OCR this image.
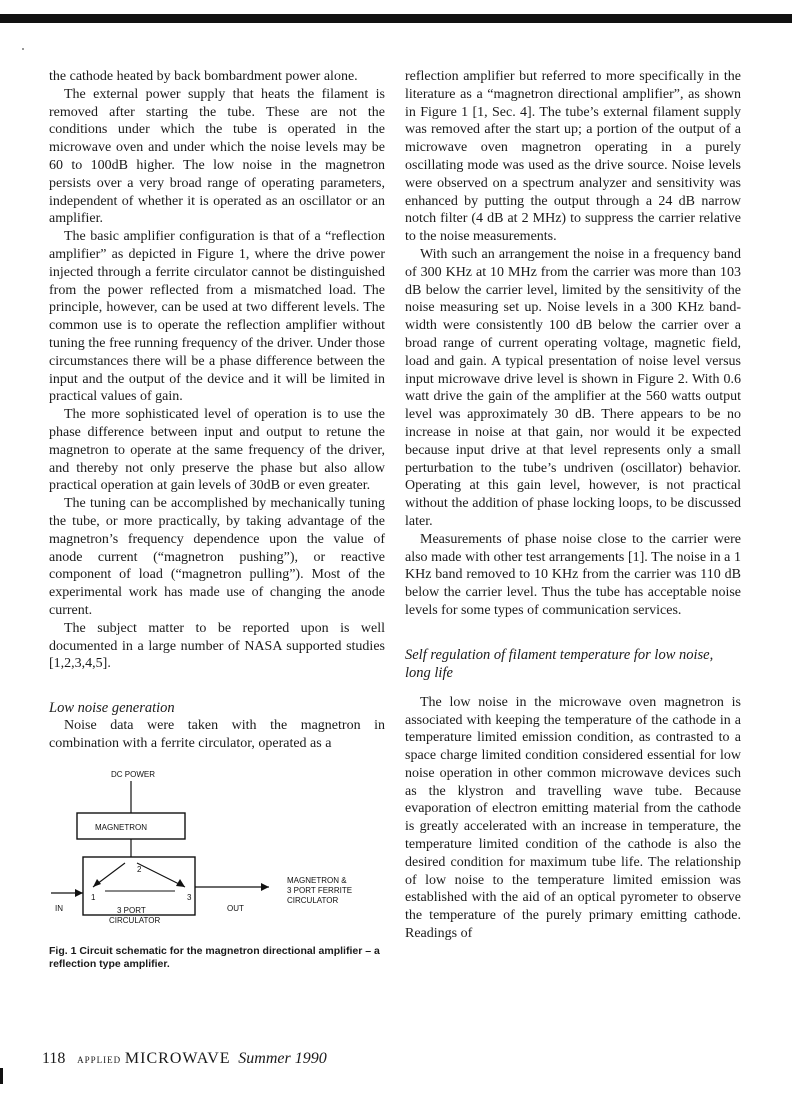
the cathode heated by back bombardment power alone.

The external power supply that heats the filament is removed after starting the tube. These are not the conditions under which the tube is operated in the microwave oven and under which the noise levels may be 60 to 100dB higher. The low noise in the magnetron persists over a very broad range of operating parameters, independent of whether it is operated as an oscillator or an amplifier.

The basic amplifier configuration is that of a “reflection amplifier” as depicted in Figure 1, where the drive power injected through a ferrite circulator cannot be distinguished from the power reflected from a mismatched load. The principle, however, can be used at two different levels. The common use is to operate the reflection amplifier without tuning the free running frequency of the driver. Under those circumstances there will be a phase difference between the input and the output of the device and it will be limited in practical values of gain.

The more sophisticated level of operation is to use the phase difference between input and output to retune the magnetron to operate at the same frequency of the driver, and thereby not only preserve the phase but also allow practical operation at gain levels of 30dB or even greater.

The tuning can be accomplished by mechanically tuning the tube, or more practically, by taking advantage of the magnetron’s frequency dependence upon the value of anode current (“magnetron pushing”), or reactive component of load (“magnetron pulling”). Most of the experimental work has made use of changing the anode current.

The subject matter to be reported upon is well documented in a large number of NASA supported studies [1,2,3,4,5].

Low noise generation

Noise data were taken with the magnetron in combination with a ferrite circulator, operated as a

DC POWER
MAGNETRON
2
1	3
3 PORT
CIRCULATOR
IN	OUT
MAGNETRON &
3 PORT FERRITE
CIRCULATOR
Fig. 1 Circuit schematic for the magnetron directional amplifier – a reflection type amplifier.

reflection amplifier but referred to more specifically in the literature as a “magnetron directional amplifier”, as shown in Figure 1 [1, Sec. 4]. The tube’s external filament supply was removed after the start up; a portion of the output of a microwave oven magnetron operating in a purely oscillating mode was used as the drive source. Noise levels were observed on a spectrum analyzer and sensitivity was enhanced by putting the output through a 24 dB narrow notch filter (4 dB at 2 MHz) to suppress the carrier relative to the noise measurements.

With such an arrangement the noise in a frequency band of 300 KHz at 10 MHz from the carrier was more than 103 dB below the carrier level, limited by the sensitivity of the noise measuring set up. Noise levels in a 300 KHz band- width were consistently 100 dB below the carrier over a broad range of current operating voltage, magnetic field, load and gain. A typical presentation of noise level versus input microwave drive level is shown in Figure 2. With 0.6 watt drive the gain of the amplifier at the 560 watts output level was approximately 30 dB. There appears to be no increase in noise at that gain, nor would it be expected because input drive at that level represents only a small perturbation to the tube’s undriven (oscillator) behavior. Operating at this gain level, however, is not practical without the addition of phase locking loops, to be discussed later.

Measurements of phase noise close to the carrier were also made with other test arrangements [1]. The noise in a 1 KHz band removed to 10 KHz from the carrier was 110 dB below the carrier level. Thus the tube has acceptable noise levels for some types of communication services.

Self regulation of filament temperature for low noise, long life

The low noise in the microwave oven magnetron is associated with keeping the temperature of the cathode in a temperature limited emission condition, as contrasted to a space charge limited condition considered essential for low noise operation in other common microwave devices such as the klystron and travelling wave tube. Because evaporation of electron emitting material from the cathode is greatly accelerated with an increase in temperature, the temperature limited condition of the cathode is also the desired condition for maximum tube life. The relationship of low noise to the temperature limited emission was established with the aid of an optical pyrometer to observe the temperature of the purely primary emitting cathode. Readings of

118 APPLIED MICROWAVE Summer 1990
